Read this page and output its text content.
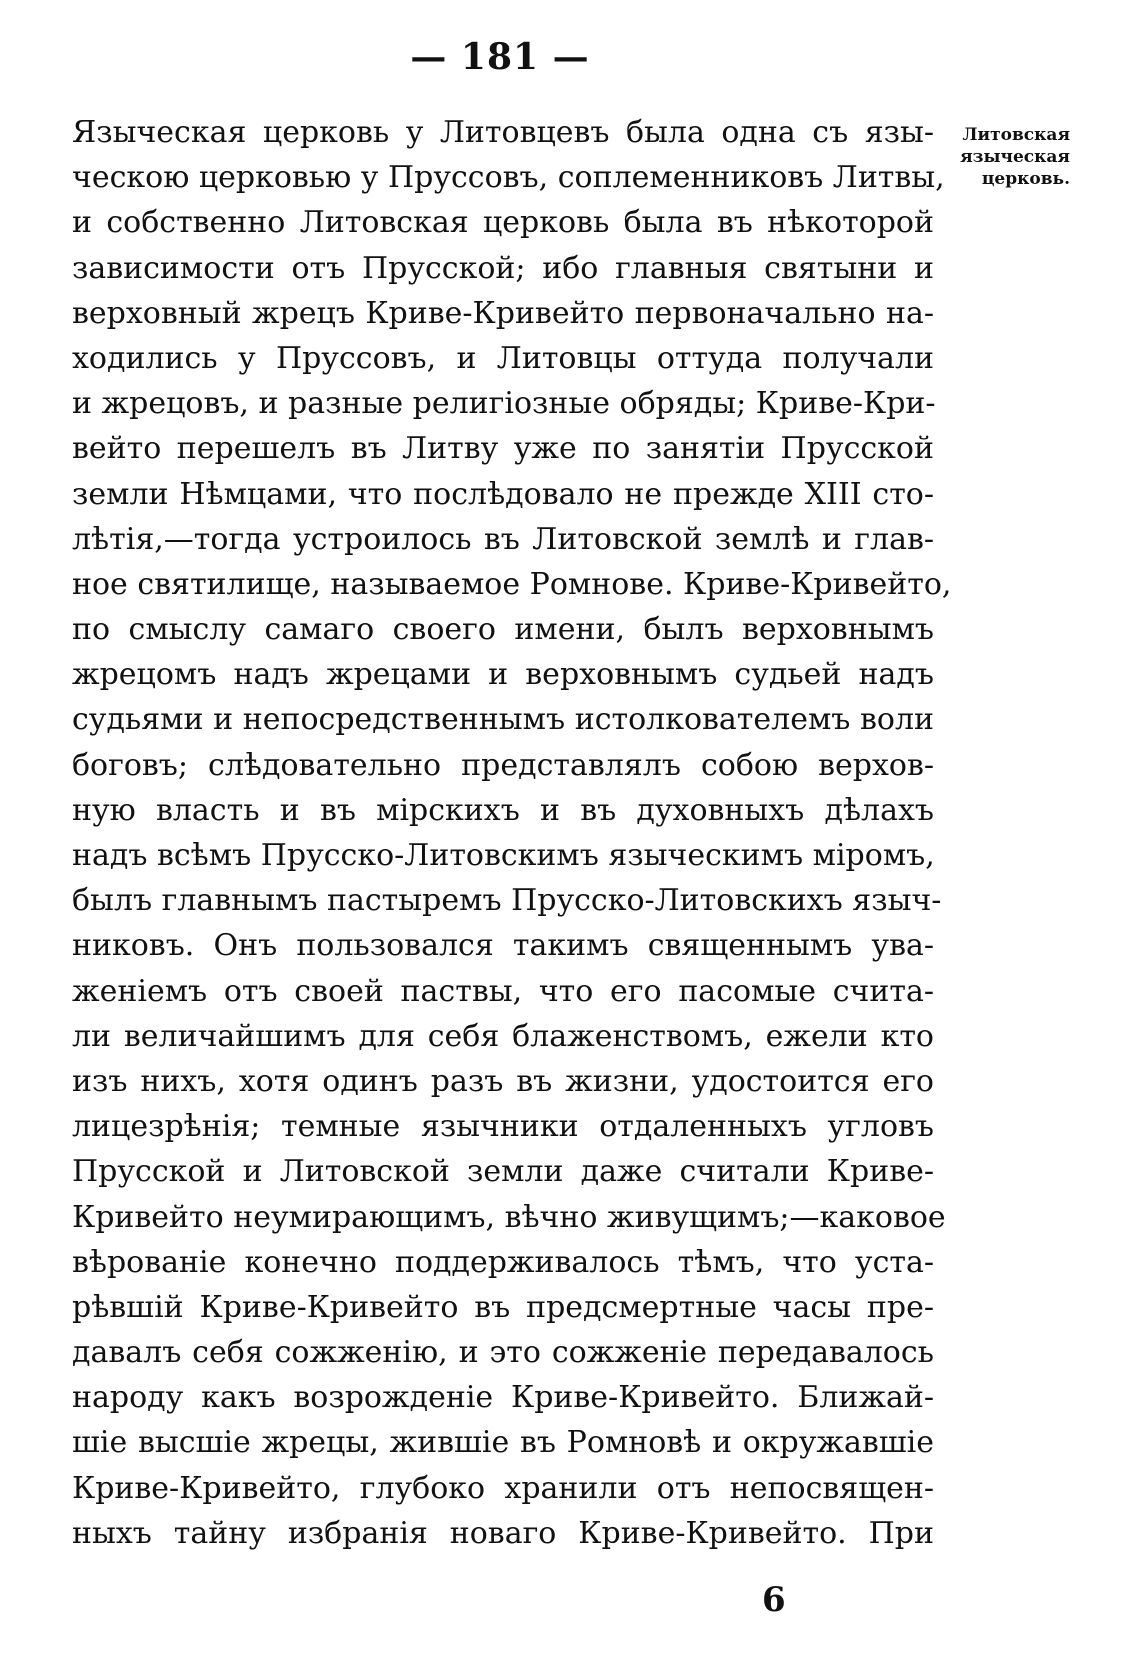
— 181 —
Литовская
языческая
церковь.
Языческая церковь у Литовцевъ была одна съ язы-
ческою церковью у Пруссовъ, соплеменниковъ Литвы,
и собственно Литовская церковь была въ нѣкоторой
зависимости отъ Прусской; ибо главныя святыни и
верховный жрецъ Криве-Кривейто первоначально на-
ходились у Пруссовъ, и Литовцы оттуда получали
и жрецовъ, и разные религіозные обряды; Криве-Кри-
вейто перешелъ въ Литву уже по занятіи Прусской
земли Нѣмцами, что послѣдовало не прежде XIII сто-
лѣтія,—тогда устроилось въ Литовской землѣ и глав-
ное святилище, называемое Ромнове. Криве-Кривейто,
по смыслу самаго своего имени, былъ верховнымъ
жрецомъ надъ жрецами и верховнымъ судьей надъ
судьями и непосредственнымъ истолкователемъ воли
боговъ; слѣдовательно представлялъ собою верхов-
ную власть и въ мірскихъ и въ духовныхъ дѣлахъ
надъ всѣмъ Прусско-Литовскимъ языческимъ міромъ,
былъ главнымъ пастыремъ Прусско-Литовскихъ языч-
никовъ. Онъ пользовался такимъ священнымъ ува-
женіемъ отъ своей паствы, что его пасомые счита-
ли величайшимъ для себя блаженствомъ, ежели кто
изъ нихъ, хотя одинъ разъ въ жизни, удостоится его
лицезрѣнія; темные язычники отдаленныхъ угловъ
Прусской и Литовской земли даже считали Криве-
Кривейто неумирающимъ, вѣчно живущимъ;—каковое
вѣрованіе конечно поддерживалось тѣмъ, что уста-
рѣвшій Криве-Кривейто въ предсмертные часы пре-
давалъ себя сожженію, и это сожженіе передавалось
народу какъ возрожденіе Криве-Кривейто. Ближай-
шіе высшіе жрецы, жившіе въ Ромновѣ и окружавшіе
Криве-Кривейто, глубоко хранили отъ непосвящен-
ныхъ тайну избранія новаго Криве-Кривейто. При
6
